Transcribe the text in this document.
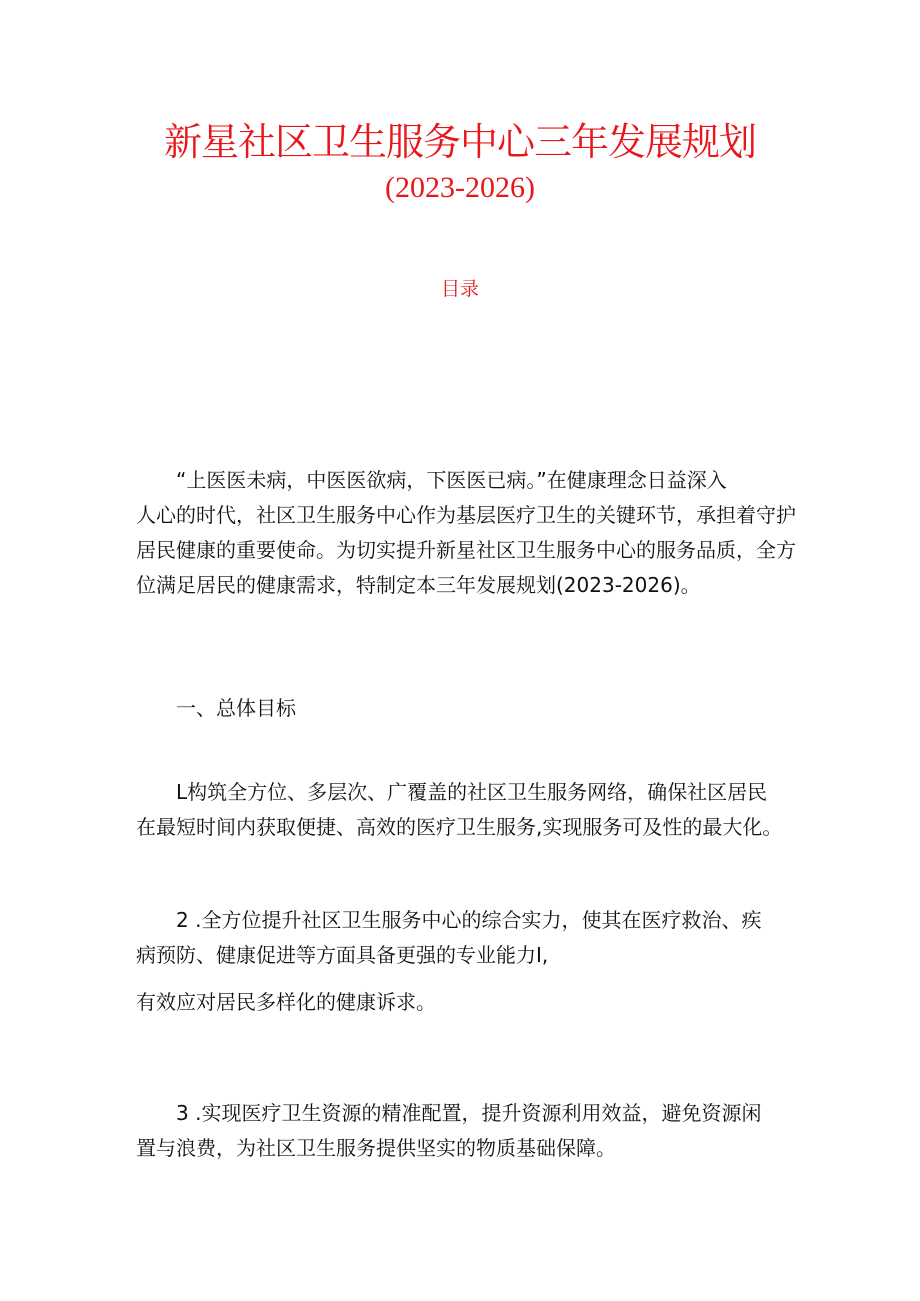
新星社区卫生服务中心三年发展规划
(2023-2026)
目录
“上医医未病，中医医欲病，下医医已病。”在健康理念日益深入
人心的时代，社区卫生服务中心作为基层医疗卫生的关键环节，承担着守护
居民健康的重要使命。为切实提升新星社区卫生服务中心的服务品质，全方
位满足居民的健康需求，特制定本三年发展规划(2023-2026)。
一、总体目标
L构筑全方位、多层次、广覆盖的社区卫生服务网络，确保社区居民
在最短时间内获取便捷、高效的医疗卫生服务,实现服务可及性的最大化。
2 .全方位提升社区卫生服务中心的综合实力，使其在医疗救治、疾
病预防、健康促进等方面具备更强的专业能力I,
有效应对居民多样化的健康诉求。
3 .实现医疗卫生资源的精准配置，提升资源利用效益，避免资源闲
置与浪费，为社区卫生服务提供坚实的物质基础保障。
